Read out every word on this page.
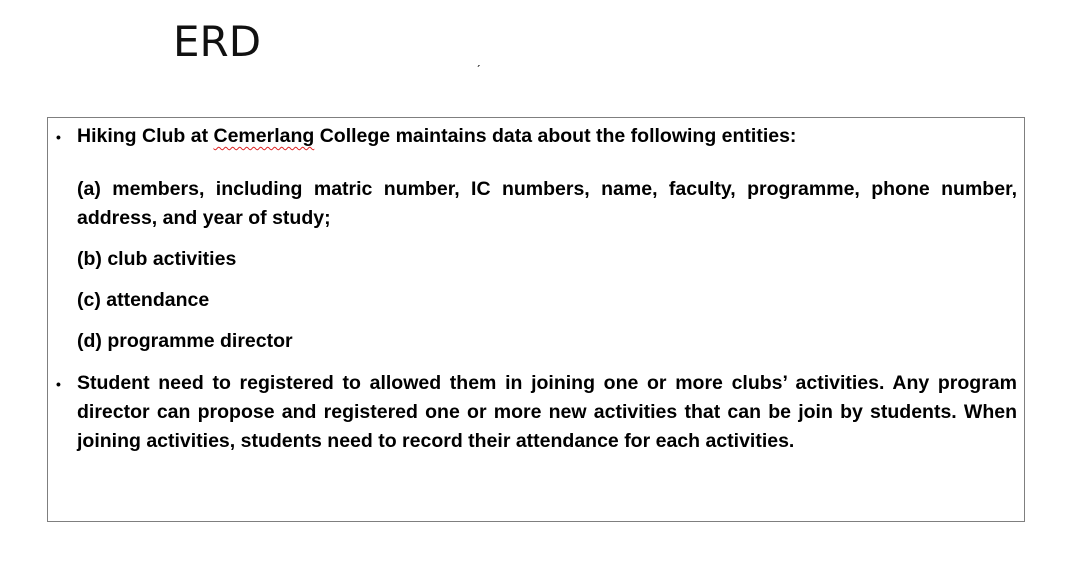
ERD	ˏ
• Hiking Club at Cemerlang College maintains data about the following entities:
(a) members, including matric number, IC numbers, name, faculty, programme, phone number, address, and year of study;
(b) club activities
(c) attendance
(d) programme director
• Student need to registered to allowed them in joining one or more clubs’ activities. Any program director can propose and registered one or more new activities that can be join by students. When joining activities, students need to record their attendance for each activities.
